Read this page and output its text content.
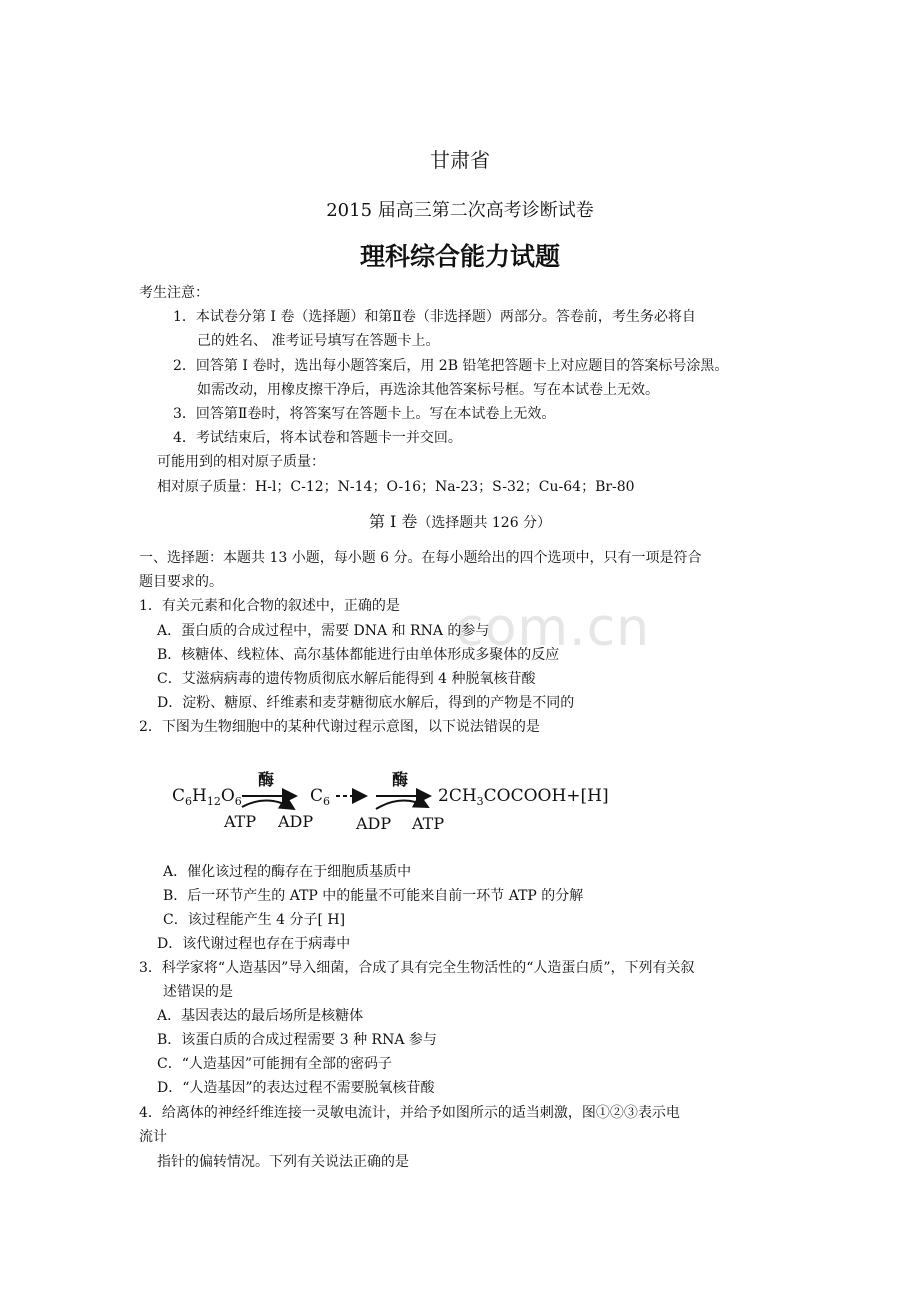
com.cn
甘肃省
2015 届高三第二次高考诊断试卷
理科综合能力试题
考生注意：
1．本试卷分第 I 卷（选择题）和第Ⅱ卷（非选择题）两部分。答卷前，考生务必将自
己的姓名、 准考证号填写在答题卡上。
2．回答第 I 卷时，选出每小题答案后，用 2B 铅笔把答题卡上对应题目的答案标号涂黑。
如需改动，用橡皮擦干净后，再选涂其他答案标号框。写在本试卷上无效。
3．回答第Ⅱ卷时，将答案写在答题卡上。写在本试卷上无效。
4．考试结束后，将本试卷和答题卡一并交回。
可能用到的相对原子质量：
相对原子质量：H-l；C-12；N-14；O-16；Na-23；S-32；Cu-64；Br-80
第 I 卷（选择题共 126 分）
一、选择题：本题共 13 小题，每小题 6 分。在每小题给出的四个选项中，只有一项是符合
题目要求的。
1．有关元素和化合物的叙述中，正确的是
A．蛋白质的合成过程中，需要 DNA 和 RNA 的参与
B．核糖体、线粒体、高尔基体都能进行由单体形成多聚体的反应
C．艾滋病病毒的遗传物质彻底水解后能得到 4 种脱氧核苷酸
D．淀粉、糖原、纤维素和麦芽糖彻底水解后，得到的产物是不同的
2．下图为生物细胞中的某种代谢过程示意图，以下说法错误的是
$C_6H_{12}O_6$
酶
ATP ADP
$C_6$
酶
ADP ATP
$2CH_3COCOOH+[H]$
A．催化该过程的酶存在于细胞质基质中
B．后一环节产生的 ATP 中的能量不可能来自前一环节 ATP 的分解
C．该过程能产生 4 分子[ H]
D．该代谢过程也存在于病毒中
3．科学家将“人造基因”导入细菌，合成了具有完全生物活性的“人造蛋白质”，下列有关叙
述错误的是
A．基因表达的最后场所是核糖体
B．该蛋白质的合成过程需要 3 种 RNA 参与
C．“人造基因”可能拥有全部的密码子
D．“人造基因”的表达过程不需要脱氧核苷酸
4．给离体的神经纤维连接一灵敏电流计，并给予如图所示的适当刺激，图①②③表示电
流计
指针的偏转情况。下列有关说法正确的是
